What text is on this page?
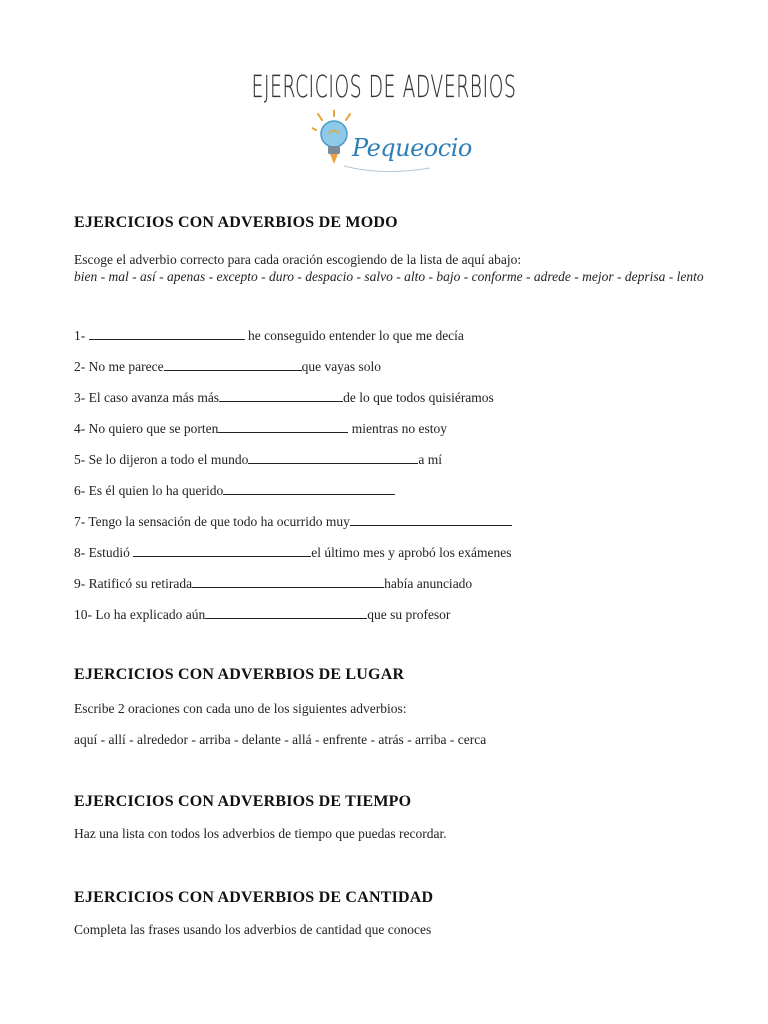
EJERCICIOS DE ADVERBIOS
Pequeocio
EJERCICIOS CON ADVERBIOS DE MODO
Escoge el adverbio correcto para cada oración escogiendo de la lista de aquí abajo:
bien - mal - así - apenas - excepto - duro - despacio - salvo - alto - bajo - conforme - adrede - mejor - deprisa - lento
1-	he conseguido entender lo que me decía
2- No me parece	que vayas solo
3- El caso avanza más más	de lo que todos quisiéramos
4- No quiero que se porten	mientras no estoy
5- Se lo dijeron a todo el mundo	a mí
6- Es él quien lo ha querido
7- Tengo la sensación de que todo ha ocurrido muy
8- Estudió	el último mes y aprobó los exámenes
9- Ratificó su retirada	había anunciado
10- Lo ha explicado aún	que su profesor
EJERCICIOS CON ADVERBIOS DE LUGAR
Escribe 2 oraciones con cada uno de los siguientes adverbios:
aquí - allí - alrededor - arriba - delante - allá - enfrente - atrás - arriba - cerca
EJERCICIOS CON ADVERBIOS DE TIEMPO
Haz una lista con todos los adverbios de tiempo que puedas recordar.
EJERCICIOS CON ADVERBIOS DE CANTIDAD
Completa las frases usando los adverbios de cantidad que conoces
